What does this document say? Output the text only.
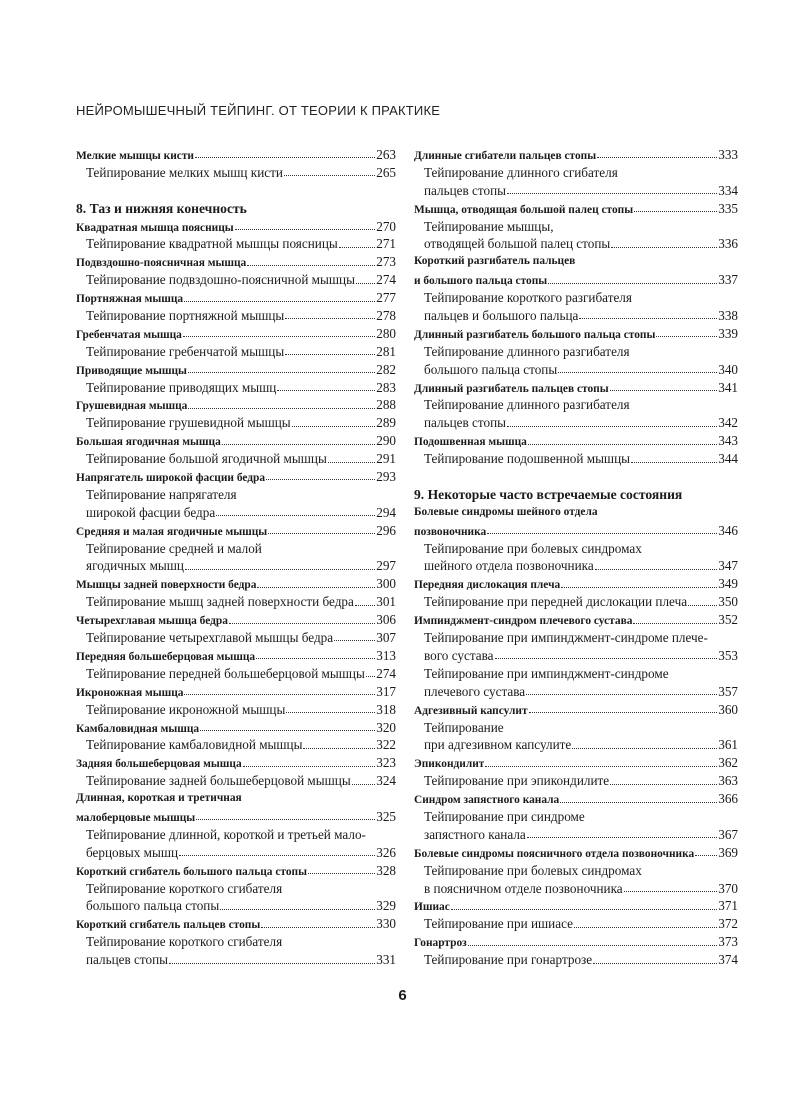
НЕЙРОМЫШЕЧНЫЙ ТЕЙПИНГ. ОТ ТЕОРИИ К ПРАКТИКЕ
Мелкие мышцы кисти	263
Тейпирование мелких мышц кисти	265
8. Таз и нижняя конечность
Квадратная мышца поясницы	270
Тейпирование квадратной мышцы поясницы	271
Подвздошно-поясничная мышца	273
Тейпирование подвздошно-поясничной мышцы 274
Портняжная мышца	277
Тейпирование портняжной мышцы	278
Гребенчатая мышца	280
Тейпирование гребенчатой мышцы	281
Приводящие мышцы	282
Тейпирование приводящих мышц	283
Грушевидная мышца	288
Тейпирование грушевидной мышцы	289
Большая ягодичная мышца	290
Тейпирование большой ягодичной мышцы	291
Напрягатель широкой фасции бедра	293
Тейпирование напрягателя
широкой фасции бедра	294
Средняя и малая ягодичные мышцы	296
Тейпирование средней и малой
ягодичных мышц	297
Мышцы задней поверхности бедра	300
Тейпирование мышц задней поверхности бедра 301
Четырехглавая мышца бедра	306
Тейпирование четырехглавой мышцы бедра	307
Передняя большеберцовая мышца	313
Тейпирование передней большеберцовой мышцы 274
Икроножная мышца	317
Тейпирование икроножной мышцы	318
Камбаловидная мышца	320
Тейпирование камбаловидной мышцы	322
Задняя большеберцовая мышца	323
Тейпирование задней большеберцовой мышцы 324
Длинная, короткая и третичная
малоберцовые мышцы	325
Тейпирование длинной, короткой и третьей мало-
берцовых мышц	326
Короткий сгибатель большого пальца стопы	328
Тейпирование короткого сгибателя
большого пальца стопы	329
Короткий сгибатель пальцев стопы	330
Тейпирование короткого сгибателя
пальцев стопы	331
Длинные сгибатели пальцев стопы	333
Тейпирование длинного сгибателя
пальцев стопы	334
Мышца, отводящая большой палец стопы	335
Тейпирование мышцы,
отводящей большой палец стопы	336
Короткий разгибатель пальцев
и большого пальца стопы	337
Тейпирование короткого разгибателя
пальцев и большого пальца	338
Длинный разгибатель большого пальца стопы	339
Тейпирование длинного разгибателя
большого пальца стопы	340
Длинный разгибатель пальцев стопы	341
Тейпирование длинного разгибателя
пальцев стопы	342
Подошвенная мышца	343
Тейпирование подошвенной мышцы	344
9. Некоторые часто встречаемые состояния
Болевые синдромы шейного отдела
позвоночника	346
Тейпирование при болевых синдромах
шейного отдела позвоночника	347
Передняя дислокация плеча	349
Тейпирование при передней дислокации плеча 350
Импинджмент-синдром плечевого сустава	352
Тейпирование при импинджмент-синдроме плече-
вого сустава	353
Тейпирование при импинджмент-синдроме
плечевого сустава	357
Адгезивный капсулит	360
Тейпирование
при адгезивном капсулите	361
Эпикондилит	362
Тейпирование при эпикондилите	363
Синдром запястного канала	366
Тейпирование при синдроме
запястного канала	367
Болевые синдромы поясничного отдела позвоночника 369
Тейпирование при болевых синдромах
в поясничном отделе позвоночника	370
Ишиас	371
Тейпирование при ишиасе	372
Гонартроз	373
Тейпирование при гонартрозе	374
6
